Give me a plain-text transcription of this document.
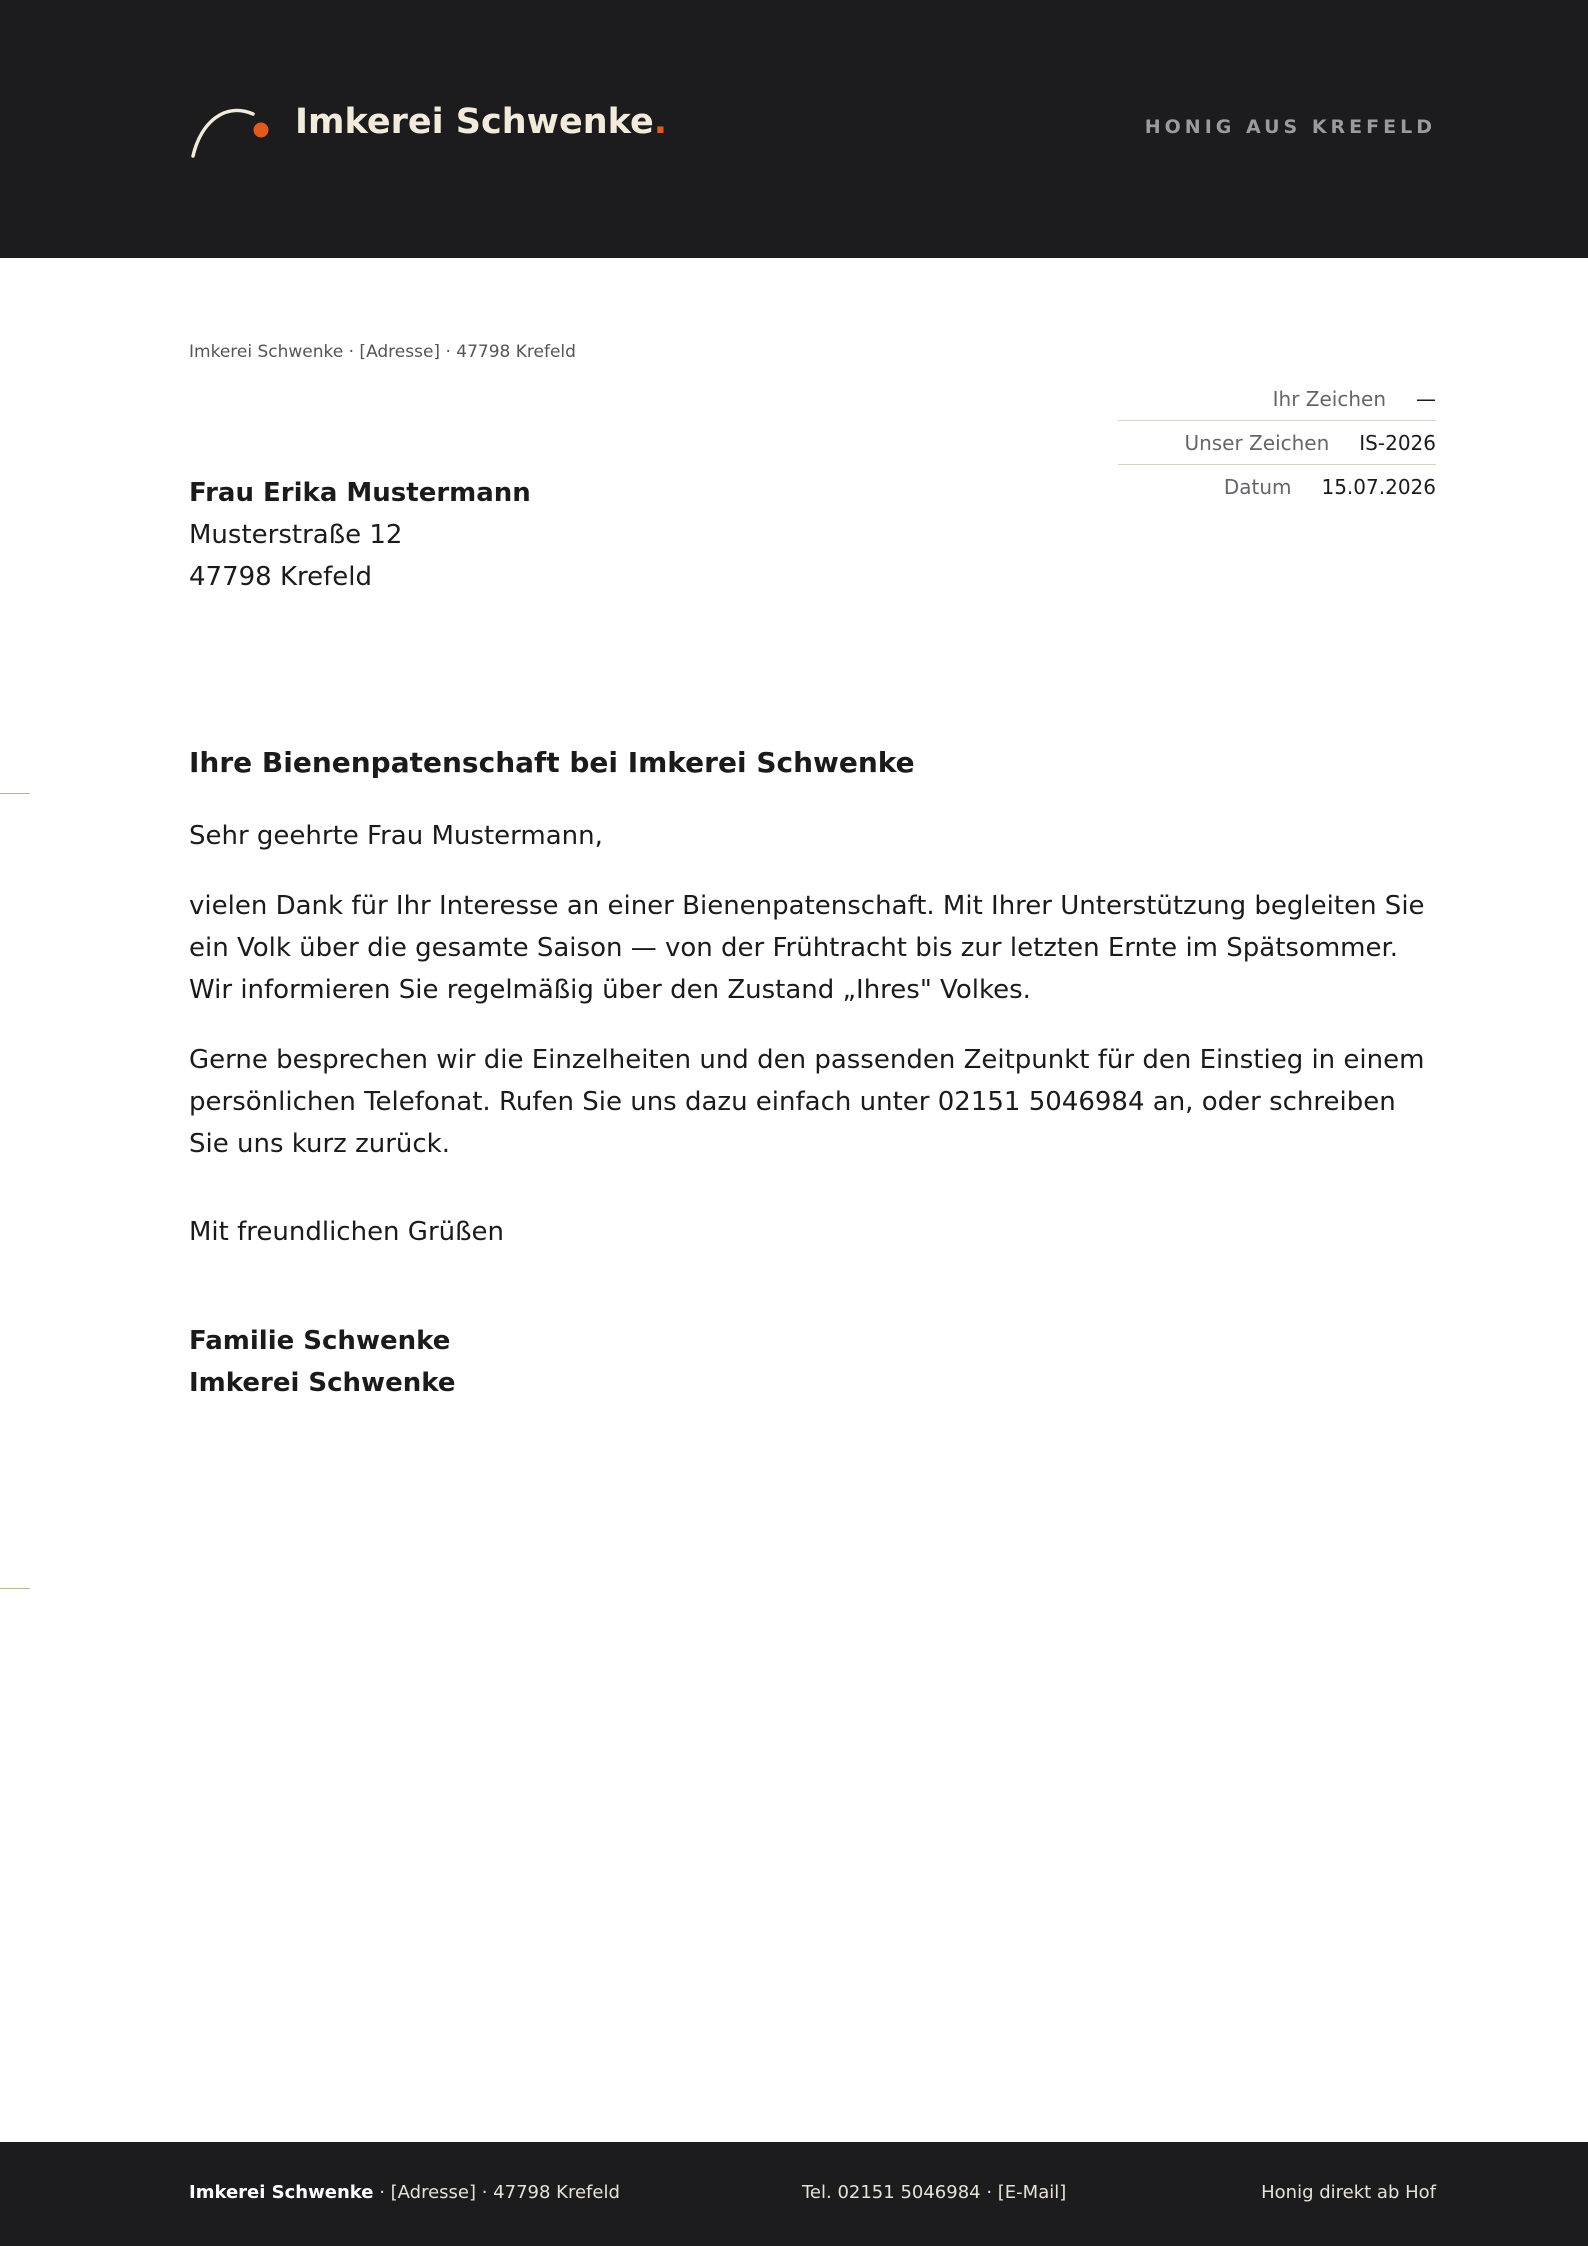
Imkerei Schwenke.	HONIG AUS KREFELD
Imkerei Schwenke · [Adresse] · 47798 Krefeld
Ihr Zeichen —
Unser Zeichen IS-2026
Datum 15.07.2026
Frau Erika Mustermann
Musterstraße 12
47798 Krefeld
Ihre Bienenpatenschaft bei Imkerei Schwenke

Sehr geehrte Frau Mustermann,

vielen Dank für Ihr Interesse an einer Bienenpatenschaft. Mit Ihrer Unterstützung begleiten Sie ein Volk über die gesamte Saison — von der Frühtracht bis zur letzten Ernte im Spätsommer. Wir informieren Sie regelmäßig über den Zustand „Ihres" Volkes.

Gerne besprechen wir die Einzelheiten und den passenden Zeitpunkt für den Einstieg in einem persönlichen Telefonat. Rufen Sie uns dazu einfach unter 02151 5046984 an, oder schreiben Sie uns kurz zurück.

Mit freundlichen Grüßen

Familie Schwenke
Imkerei Schwenke
Imkerei Schwenke · [Adresse] · 47798 Krefeld	Tel. 02151 5046984 · [E-Mail]	Honig direkt ab Hof
